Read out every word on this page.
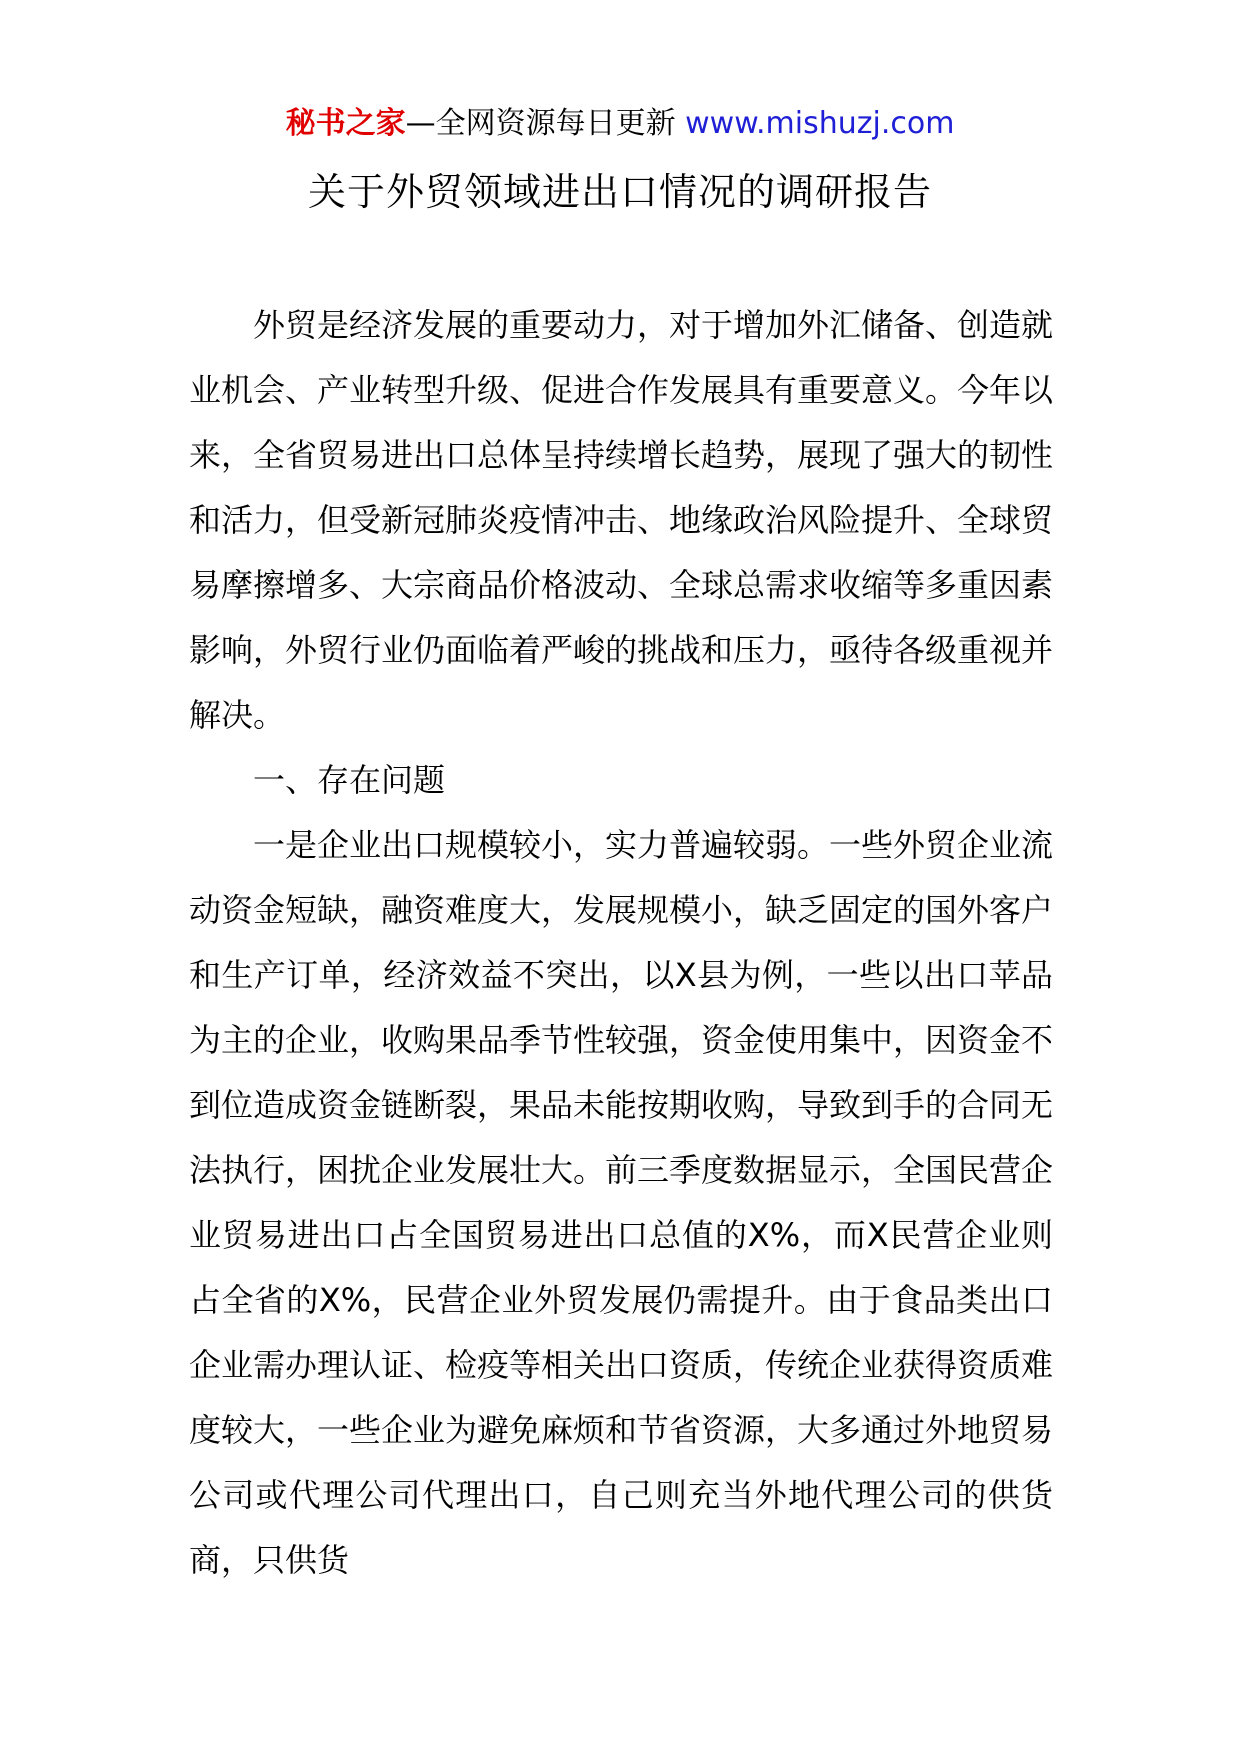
秘书之家—全网资源每日更新 www.mishuzj.com
关于外贸领域进出口情况的调研报告

外贸是经济发展的重要动力，对于增加外汇储备、创造就业机会、产业转型升级、促进合作发展具有重要意义。今年以来，全省贸易进出口总体呈持续增长趋势，展现了强大的韧性和活力，但受新冠肺炎疫情冲击、地缘政治风险提升、全球贸易摩擦增多、大宗商品价格波动、全球总需求收缩等多重因素影响，外贸行业仍面临着严峻的挑战和压力，亟待各级重视并解决。

一、存在问题

一是企业出口规模较小，实力普遍较弱。一些外贸企业流动资金短缺，融资难度大，发展规模小，缺乏固定的国外客户和生产订单，经济效益不突出，以X县为例，一些以出口苹品为主的企业，收购果品季节性较强，资金使用集中，因资金不到位造成资金链断裂，果品未能按期收购，导致到手的合同无法执行，困扰企业发展壮大。前三季度数据显示，全国民营企业贸易进出口占全国贸易进出口总值的X%，而X民营企业则占全省的X%，民营企业外贸发展仍需提升。由于食品类出口企业需办理认证、检疫等相关出口资质，传统企业获得资质难度较大，一些企业为避免麻烦和节省资源，大多通过外地贸易公司或代理公司代理出口，自己则充当外地代理公司的供货商，只供货
